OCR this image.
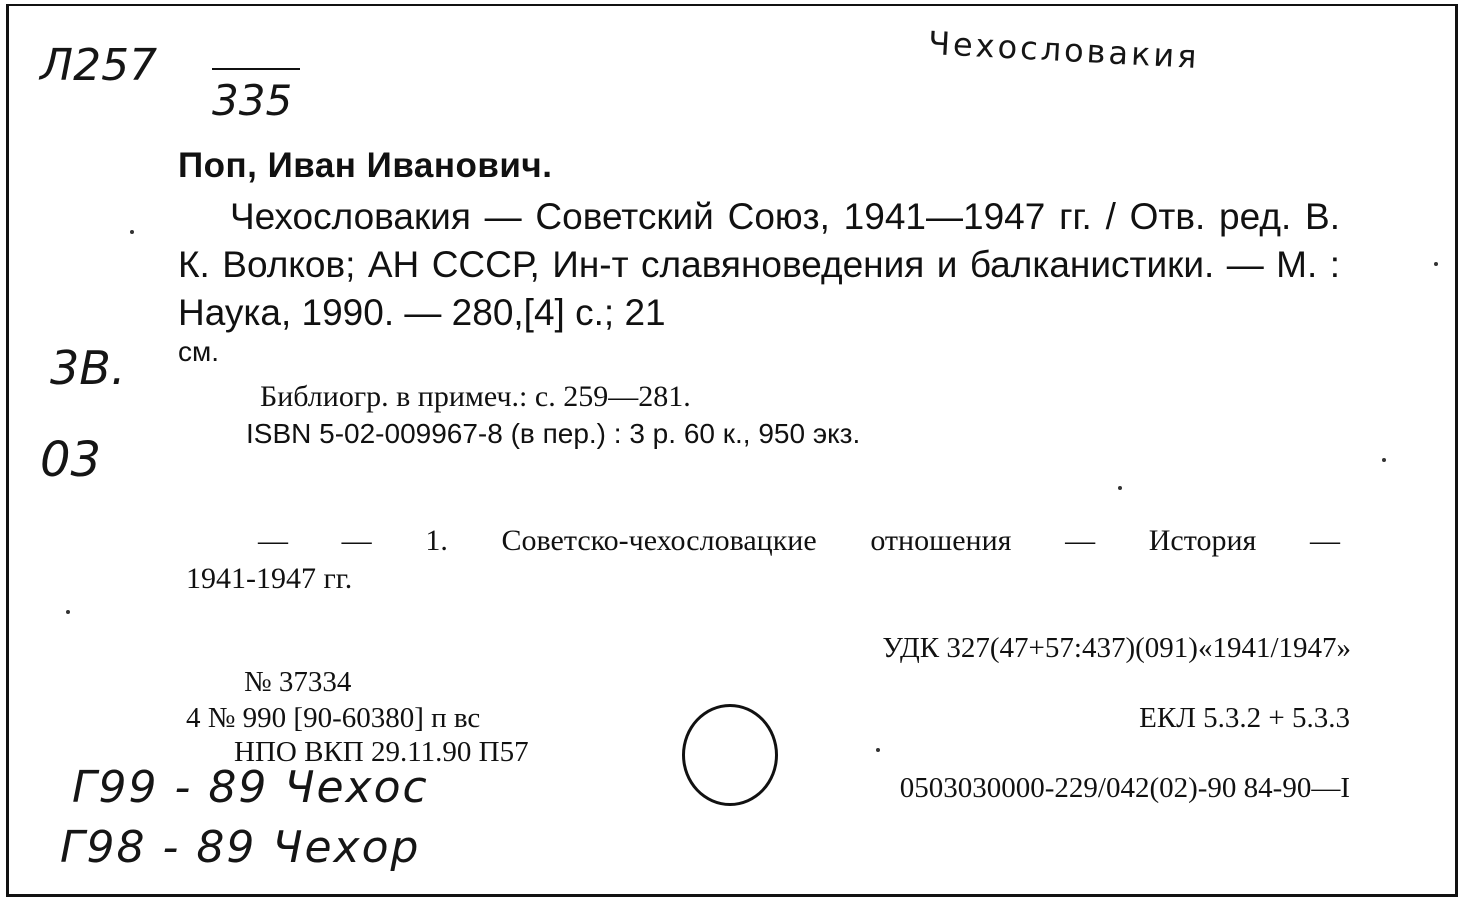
Л257
335
Чехословакия
3В.
03
Поп, Иван Иванович.
Чехословакия — Советский Союз, 1941—1947 гг. / Отв. ред. В. К. Волков; АН СССР, Ин-т славяноведения и балканистики. — М. : Наука, 1990. — 280,[4] с.; 21
см.
Библиогр. в примеч.: с. 259—281.
ISBN 5-02-009967-8 (в пер.) : 3 р. 60 к., 950 экз.
— — 1. Советско-чехословацкие отношения — История —
1941-1947 гг.
УДК 327(47+57:437)(091)«1941/1947»
№ 37334
4 № 990 [90-60380] п вс
НПО ВКП 29.11.90 П57
ЕКЛ 5.3.2 + 5.3.3
0503030000-229/042(02)-90 84-90—I
Г99 - 89 Чехос
Г98 - 89 Чехор
